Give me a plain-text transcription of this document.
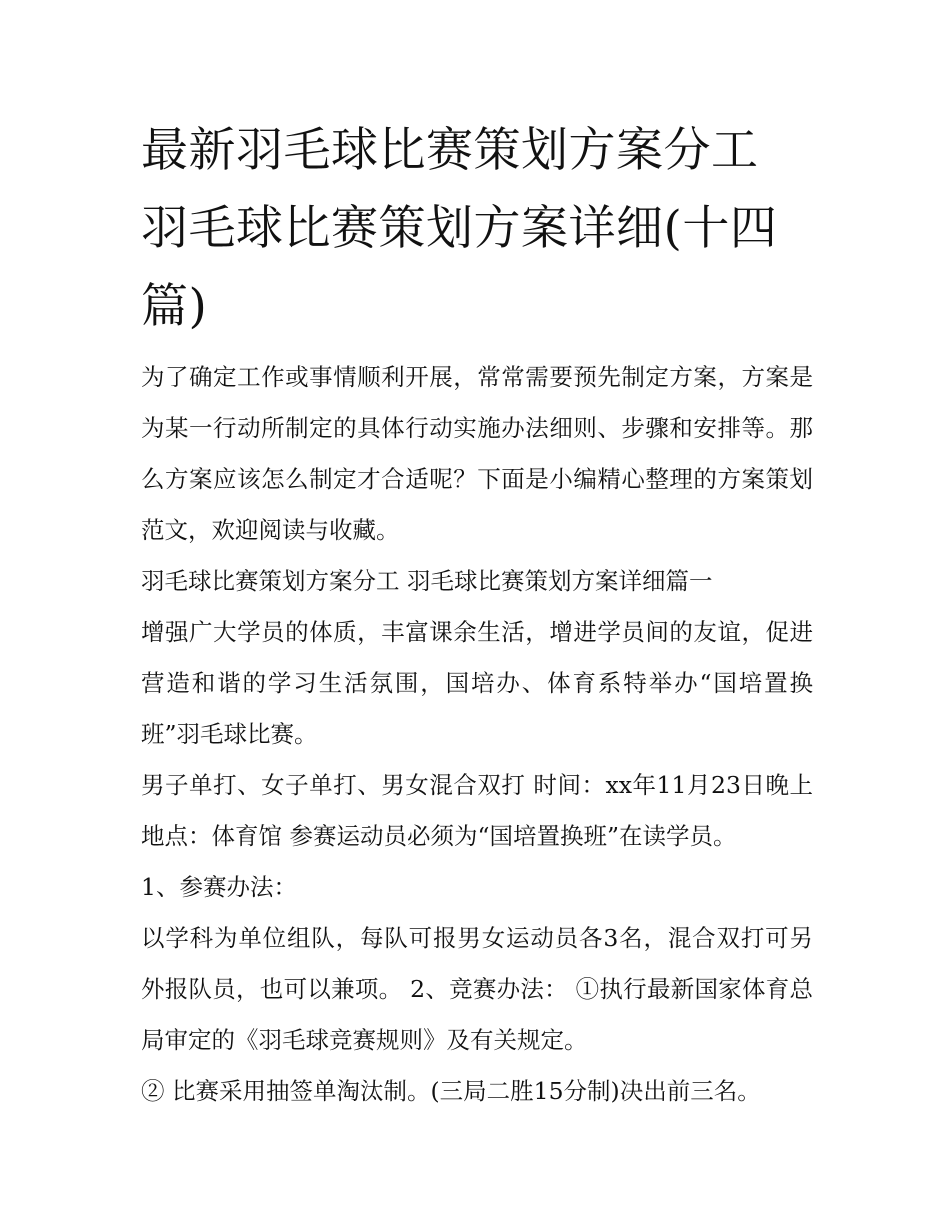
最新羽毛球比赛策划方案分工 羽毛球比赛策划方案详细(十四篇)

为了确定工作或事情顺利开展，常常需要预先制定方案，方案是为某一行动所制定的具体行动实施办法细则、步骤和安排等。那么方案应该怎么制定才合适呢？下面是小编精心整理的方案策划范文，欢迎阅读与收藏。

羽毛球比赛策划方案分工 羽毛球比赛策划方案详细篇一

增强广大学员的体质，丰富课余生活，增进学员间的友谊，促进营造和谐的学习生活氛围，国培办、体育系特举办“国培置换班”羽毛球比赛。

男子单打、女子单打、男女混合双打 时间：xx年11月23日晚上 地点：体育馆 参赛运动员必须为“国培置换班”在读学员。

1、参赛办法：

以学科为单位组队，每队可报男女运动员各3名，混合双打可另外报队员，也可以兼项。 2、竞赛办法： ①执行最新国家体育总局审定的《羽毛球竞赛规则》及有关规定。

② 比赛采用抽签单淘汰制。(三局二胜15分制)决出前三名。
